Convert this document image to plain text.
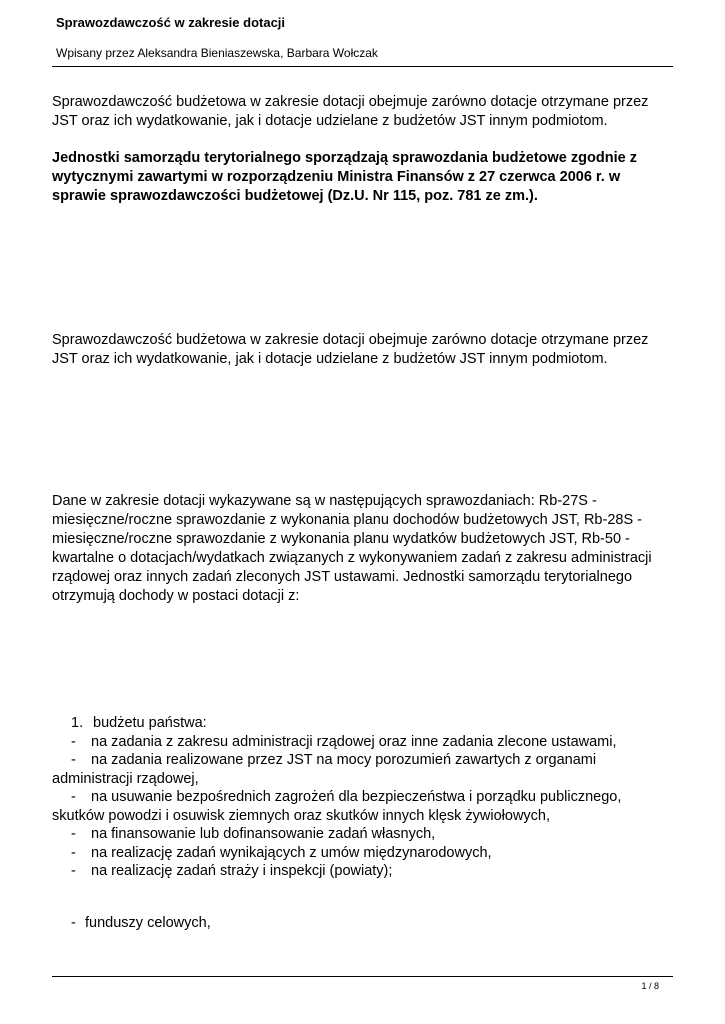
Sprawozdawczość w zakresie dotacji
Wpisany przez Aleksandra Bieniaszewska, Barbara Wołczak

Sprawozdawczość budżetowa w zakresie dotacji obejmuje zarówno dotacje otrzymane przez JST oraz ich wydatkowanie, jak i dotacje udzielane z budżetów JST innym podmiotom.

Jednostki samorządu terytorialnego sporządzają sprawozdania budżetowe zgodnie z wytycznymi zawartymi w rozporządzeniu Ministra Finansów z 27 czerwca 2006 r. w sprawie sprawozdawczości budżetowej (Dz.U. Nr 115, poz. 781 ze zm.).

Sprawozdawczość budżetowa w zakresie dotacji obejmuje zarówno dotacje otrzymane przez JST oraz ich wydatkowanie, jak i dotacje udzielane z budżetów JST innym podmiotom.

Dane w zakresie dotacji wykazywane są w następujących sprawozdaniach: Rb-27S - miesięczne/roczne sprawozdanie z wykonania planu dochodów budżetowych JST, Rb-28S - miesięczne/roczne sprawozdanie z wykonania planu wydatków budżetowych JST, Rb-50 - kwartalne o dotacjach/wydatkach związanych z wykonywaniem zadań z zakresu administracji rządowej oraz innych zadań zleconych JST ustawami. Jednostki samorządu terytorialnego otrzymują dochody w postaci dotacji z:

1. budżetu państwa:
- na zadania z zakresu administracji rządowej oraz inne zadania zlecone ustawami,
- na zadania realizowane przez JST na mocy porozumień zawartych z organami
administracji rządowej,
- na usuwanie bezpośrednich zagrożeń dla bezpieczeństwa i porządku publicznego,
skutków powodzi i osuwisk ziemnych oraz skutków innych klęsk żywiołowych,
- na finansowanie lub dofinansowanie zadań własnych,
- na realizację zadań wynikających z umów międzynarodowych,
- na realizację zadań straży i inspekcji (powiaty);
- funduszy celowych,
1 / 8
